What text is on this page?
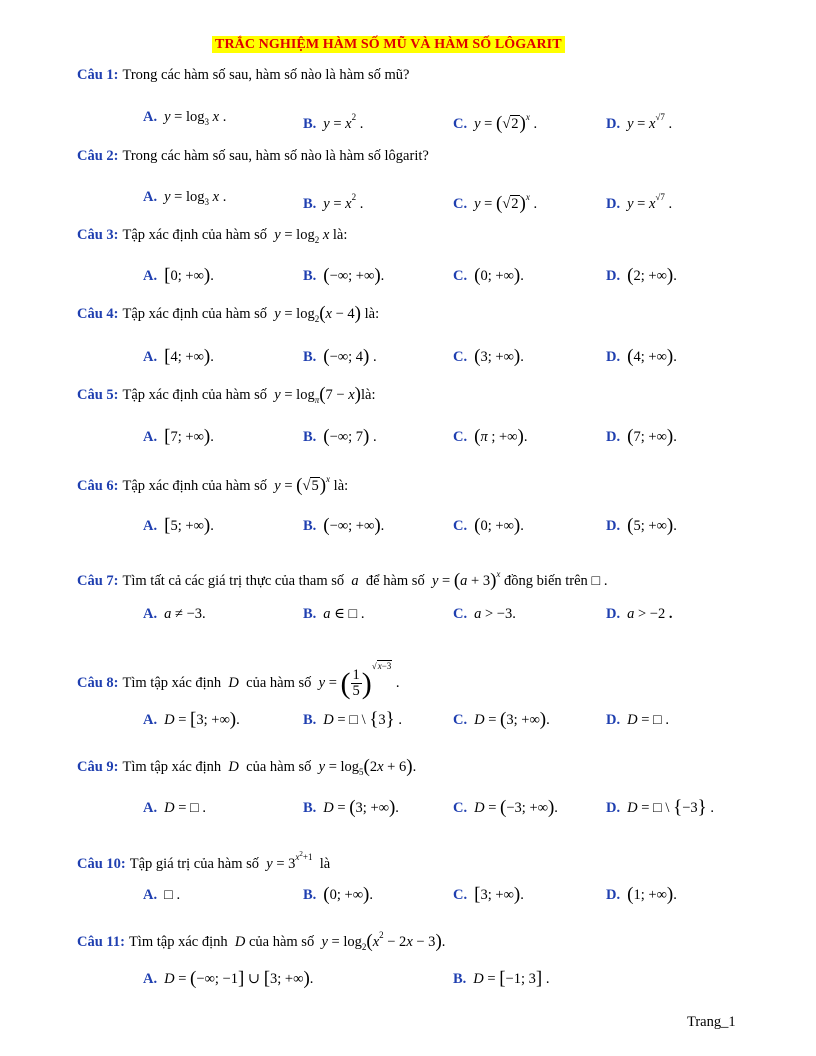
TRẮC NGHIỆM HÀM SỐ MŨ VÀ HÀM SỐ LÔGARIT
Câu 1: Trong các hàm số sau, hàm số nào là hàm số mũ?
A. $y = \log_3 x$ .	B. $y = x^2$ .	C. $y = (√2)^x$ .	D. $y = x^{√7}$ .
Câu 2: Trong các hàm số sau, hàm số nào là hàm số lôgarit?
A. $y = \log_3 x$ .	B. $y = x^2$ .	C. $y = (√2)^x$ .	D. $y = x^{√7}$ .
Câu 3: Tập xác định của hàm số $y = \log_2 x$ là:
A. [0; +∞).	B. (−∞; +∞).	C. (0; +∞).	D. (2; +∞).
Câu 4: Tập xác định của hàm số $y = \log_2(x - 4)$ là:
A. [4; +∞).	B. (−∞; 4) .	C. (3; +∞).	D. (4; +∞).
Câu 5: Tập xác định của hàm số $y = \log_\pi(7$ − x)là:
A. [7; +∞).	B. (−∞; 7) .	C. (π ; +∞).	D. (7; +∞).
Câu 6: Tập xác định của hàm số $y = (√5)^x$ là:
A. [5; +∞).	B. (−∞; +∞).	C. (0; +∞).	D. (5; +∞).
Câu 7: Tìm tất cả các giá trị thực của tham số a để hàm số $y = (a + 3)^x$ đồng biến trên □ .
A. a ≠ −3.	B. a ∈ □ .	C. a > −3.	D. a > −2 .
Câu 8: Tìm tập xác định D của hàm số y = ( $\frac{1}{5} )^{√x-3}$ .
A. D = [3; +∞).	B. D = □ \ {3} .	C. D = (3; +∞).	D. D = □ .
Câu 9: Tìm tập xác định D của hàm số $y = \log_5(2x + 6)$.
A. D = □ .	B. D = (3; +∞).	C. D = (−3; +∞).	D. D = □ \ {−3} .
Câu 10: Tập giá trị của hàm số $y = 3^{x^2+1}$ là
A. □ .	B. (0; +∞).	C. [3; +∞).	D. (1; +∞).
Câu 11: Tìm tập xác định D của hàm số $y = \log_2(x^2 - 2x - 3)$.
A. D = (−∞; −1] ∪ [3; +∞).	B. D = [−1; 3] .
Trang_1
